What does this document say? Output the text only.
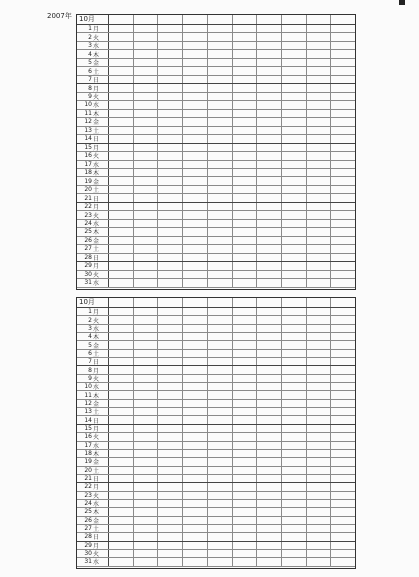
2007年 10月
1 月
2 火
3 水
4 木
5 金
6 土
7 日
8 月
9 火
10 水
11 木
12 金
13 土
14 日
15 月
16 火
17 水
18 木
19 金
20 土
21 日
22 月
23 火
24 水
25 木
26 金
27 土
28 日
29 月
30 火
31 水
10月
1 月
2 火
3 水
4 木
5 金
6 土
7 日
8 月
9 火
10 水
11 木
12 金
13 土
14 日
15 月
16 火
17 水
18 木
19 金
20 土
21 日
22 月
23 火
24 水
25 木
26 金
27 土
28 日
29 月
30 火
31 水
